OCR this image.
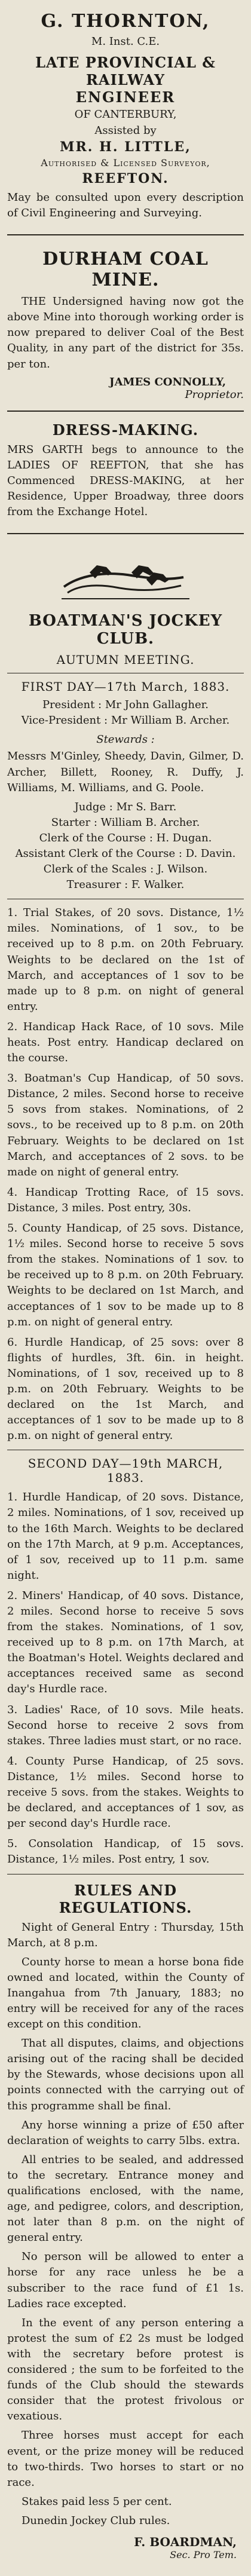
G. THORNTON,
M. Inst. C.E.
LATE PROVINCIAL & RAILWAY
ENGINEER
OF CANTERBURY,
Assisted by
MR. H. LITTLE,
Authorised & Licensed Surveyor,
REEFTON.
May be consulted upon every description of Civil Engineering and Surveying.
DURHAM COAL MINE.
THE Undersigned having now got the above Mine into thorough working order is now prepared to deliver Coal of the Best Quality, in any part of the district for 35s. per ton.
JAMES CONNOLLY,
Proprietor.
DRESS-MAKING.
MRS GARTH begs to announce to the LADIES OF REEFTON, that she has Commenced DRESS-MAKING, at her Residence, Upper Broadway, three doors from the Exchange Hotel.
BOATMAN'S JOCKEY CLUB.
AUTUMN MEETING.
FIRST DAY—17th March, 1883.
President : Mr John Gallagher.
Vice-President : Mr William B. Archer.
Stewards :
Messrs M'Ginley, Sheedy, Davin, Gilmer, D. Archer, Billett, Rooney, R. Duffy, J. Williams, M. Williams, and G. Poole.
Judge : Mr S. Barr.
Starter : William B. Archer.
Clerk of the Course : H. Dugan.
Assistant Clerk of the Course : D. Davin.
Clerk of the Scales : J. Wilson.
Treasurer : F. Walker.
1. Trial Stakes, of 20 sovs. Distance, 1½ miles. Nominations, of 1 sov., to be received up to 8 p.m. on 20th February. Weights to be declared on the 1st of March, and acceptances of 1 sov to be made up to 8 p.m. on night of general entry.
2. Handicap Hack Race, of 10 sovs. Mile heats. Post entry. Handicap declared on the course.
3. Boatman's Cup Handicap, of 50 sovs. Distance, 2 miles. Second horse to receive 5 sovs from stakes. Nominations, of 2 sovs., to be received up to 8 p.m. on 20th February. Weights to be declared on 1st March, and acceptances of 2 sovs. to be made on night of general entry.
4. Handicap Trotting Race, of 15 sovs. Distance, 3 miles. Post entry, 30s.
5. County Handicap, of 25 sovs. Distance, 1½ miles. Second horse to receive 5 sovs from the stakes. Nominations of 1 sov. to be received up to 8 p.m. on 20th February. Weights to be declared on 1st March, and acceptances of 1 sov to be made up to 8 p.m. on night of general entry.
6. Hurdle Handicap, of 25 sovs: over 8 flights of hurdles, 3ft. 6in. in height. Nominations, of 1 sov, received up to 8 p.m. on 20th February. Weights to be declared on the 1st March, and acceptances of 1 sov to be made up to 8 p.m. on night of general entry.
SECOND DAY—19th MARCH, 1883.
1. Hurdle Handicap, of 20 sovs. Distance, 2 miles. Nominations, of 1 sov, received up to the 16th March. Weights to be declared on the 17th March, at 9 p.m. Acceptances, of 1 sov, received up to 11 p.m. same night.
2. Miners' Handicap, of 40 sovs. Distance, 2 miles. Second horse to receive 5 sovs from the stakes. Nominations, of 1 sov, received up to 8 p.m. on 17th March, at the Boatman's Hotel. Weights declared and acceptances received same as second day's Hurdle race.
3. Ladies' Race, of 10 sovs. Mile heats. Second horse to receive 2 sovs from stakes. Three ladies must start, or no race.
4. County Purse Handicap, of 25 sovs. Distance, 1½ miles. Second horse to receive 5 sovs. from the stakes. Weights to be declared, and acceptances of 1 sov, as per second day's Hurdle race.
5. Consolation Handicap, of 15 sovs. Distance, 1½ miles. Post entry, 1 sov.
RULES AND REGULATIONS.
Night of General Entry : Thursday, 15th March, at 8 p.m.
County horse to mean a horse bona fide owned and located, within the County of Inangahua from 7th January, 1883; no entry will be received for any of the races except on this condition.
That all disputes, claims, and objections arising out of the racing shall be decided by the Stewards, whose decisions upon all points connected with the carrying out of this programme shall be final.
Any horse winning a prize of £50 after declaration of weights to carry 5lbs. extra.
All entries to be sealed, and addressed to the secretary. Entrance money and qualifications enclosed, with the name, age, and pedigree, colors, and description, not later than 8 p.m. on the night of general entry.
No person will be allowed to enter a horse for any race unless he be a subscriber to the race fund of £1 1s. Ladies race excepted.
In the event of any person entering a protest the sum of £2 2s must be lodged with the secretary before protest is considered ; the sum to be forfeited to the funds of the Club should the stewards consider that the protest frivolous or vexatious.
Three horses must accept for each event, or the prize money will be reduced to two-thirds. Two horses to start or no race.
Stakes paid less 5 per cent.
Dunedin Jockey Club rules.
F. BOARDMAN,
Sec. Pro Tem.
